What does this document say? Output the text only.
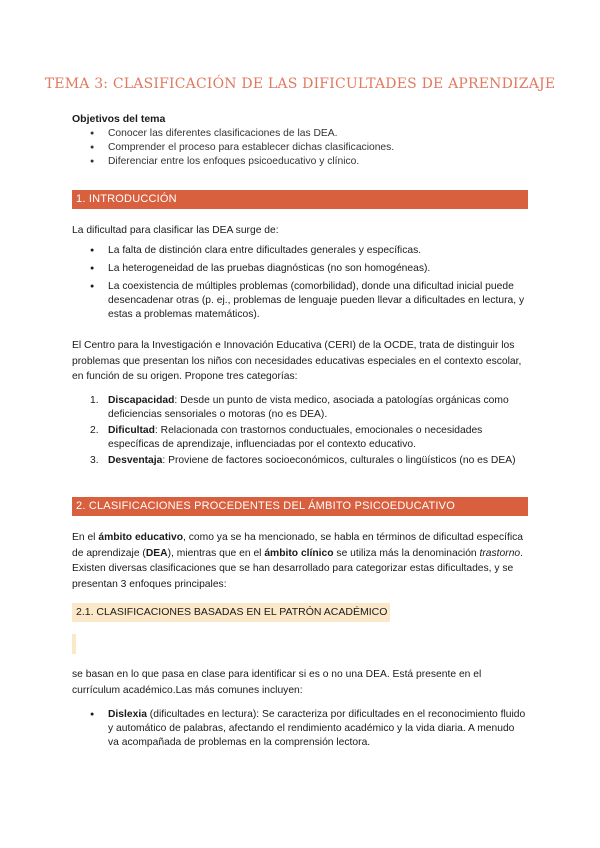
TEMA 3: CLASIFICACIÓN DE LAS DIFICULTADES DE APRENDIZAJE
Objetivos del tema
● Conocer las diferentes clasificaciones de las DEA.
● Comprender el proceso para establecer dichas clasificaciones.
● Diferenciar entre los enfoques psicoeducativo y clínico.
1. INTRODUCCIÓN

La dificultad para clasificar las DEA surge de:

● La falta de distinción clara entre dificultades generales y específicas.
● La heterogeneidad de las pruebas diagnósticas (no son homogéneas).
● La coexistencia de múltiples problemas (comorbilidad), donde una dificultad inicial puede desencadenar otras (p. ej., problemas de lenguaje pueden llevar a dificultades en lectura, y estas a problemas matemáticos).

El Centro para la Investigación e Innovación Educativa (CERI) de la OCDE, trata de distinguir los problemas que presentan los niños con necesidades educativas especiales en el contexto escolar, en función de su origen. Propone tres categorías:

1. Discapacidad: Desde un punto de vista medico, asociada a patologías orgánicas como deficiencias sensoriales o motoras (no es DEA).
2. Dificultad: Relacionada con trastornos conductuales, emocionales o necesidades específicas de aprendizaje, influenciadas por el contexto educativo.
3. Desventaja: Proviene de factores socioeconómicos, culturales o lingüísticos (no es DEA)
2. CLASIFICACIONES PROCEDENTES DEL ÁMBITO PSICOEDUCATIVO

En el ámbito educativo, como ya se ha mencionado, se habla en términos de dificultad específica de aprendizaje (DEA), mientras que en el ámbito clínico se utiliza más la denominación trastorno. Existen diversas clasificaciones que se han desarrollado para categorizar estas dificultades, y se presentan 3 enfoques principales:

2.1. CLASIFICACIONES BASADAS EN EL PATRÓN ACADÉMICO

se basan en lo que pasa en clase para identificar si es o no una DEA. Está presente en el currículum académico.Las más comunes incluyen:

● Dislexia (dificultades en lectura): Se caracteriza por dificultades en el reconocimiento fluido y automático de palabras, afectando el rendimiento académico y la vida diaria. A menudo va acompañada de problemas en la comprensión lectora.
